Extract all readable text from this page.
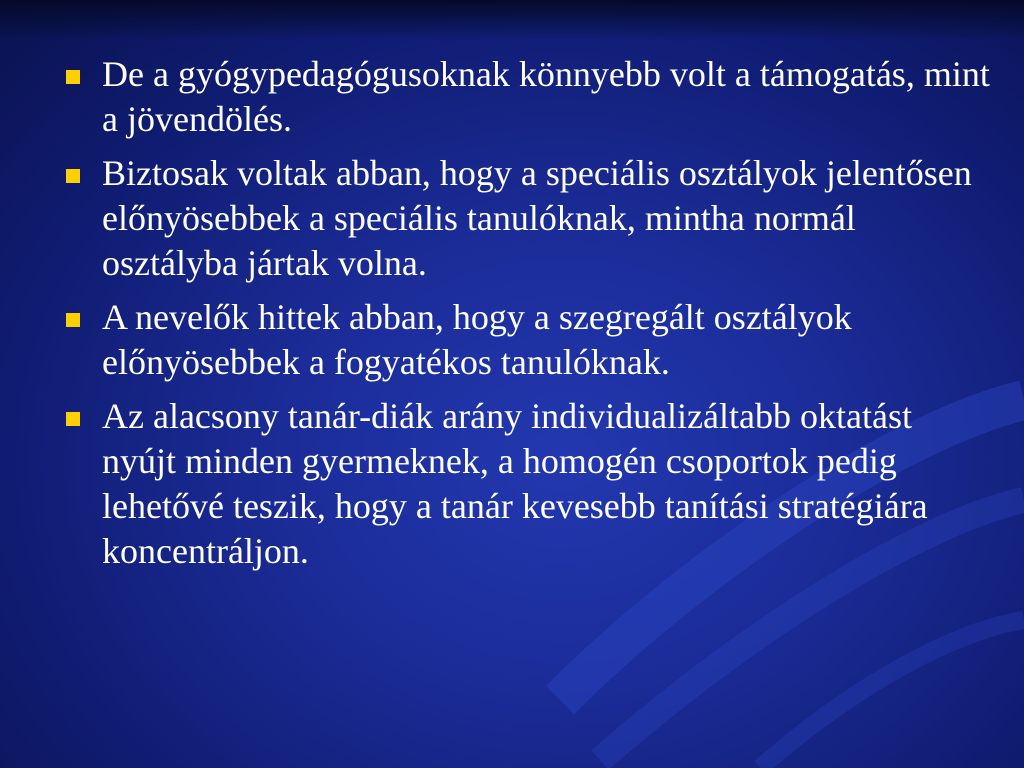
De a gyógypedagógusoknak könnyebb volt a támogatás, mint a jövendölés.
Biztosak voltak abban, hogy a speciális osztályok jelentősen előnyösebbek a speciális tanulóknak, mintha normál osztályba jártak volna.
A nevelők hittek abban, hogy a szegregált osztályok előnyösebbek a fogyatékos tanulóknak.
Az alacsony tanár-diák arány individualizáltabb oktatást nyújt minden gyermeknek, a homogén csoportok pedig lehetővé teszik, hogy a tanár kevesebb tanítási stratégiára koncentráljon.
